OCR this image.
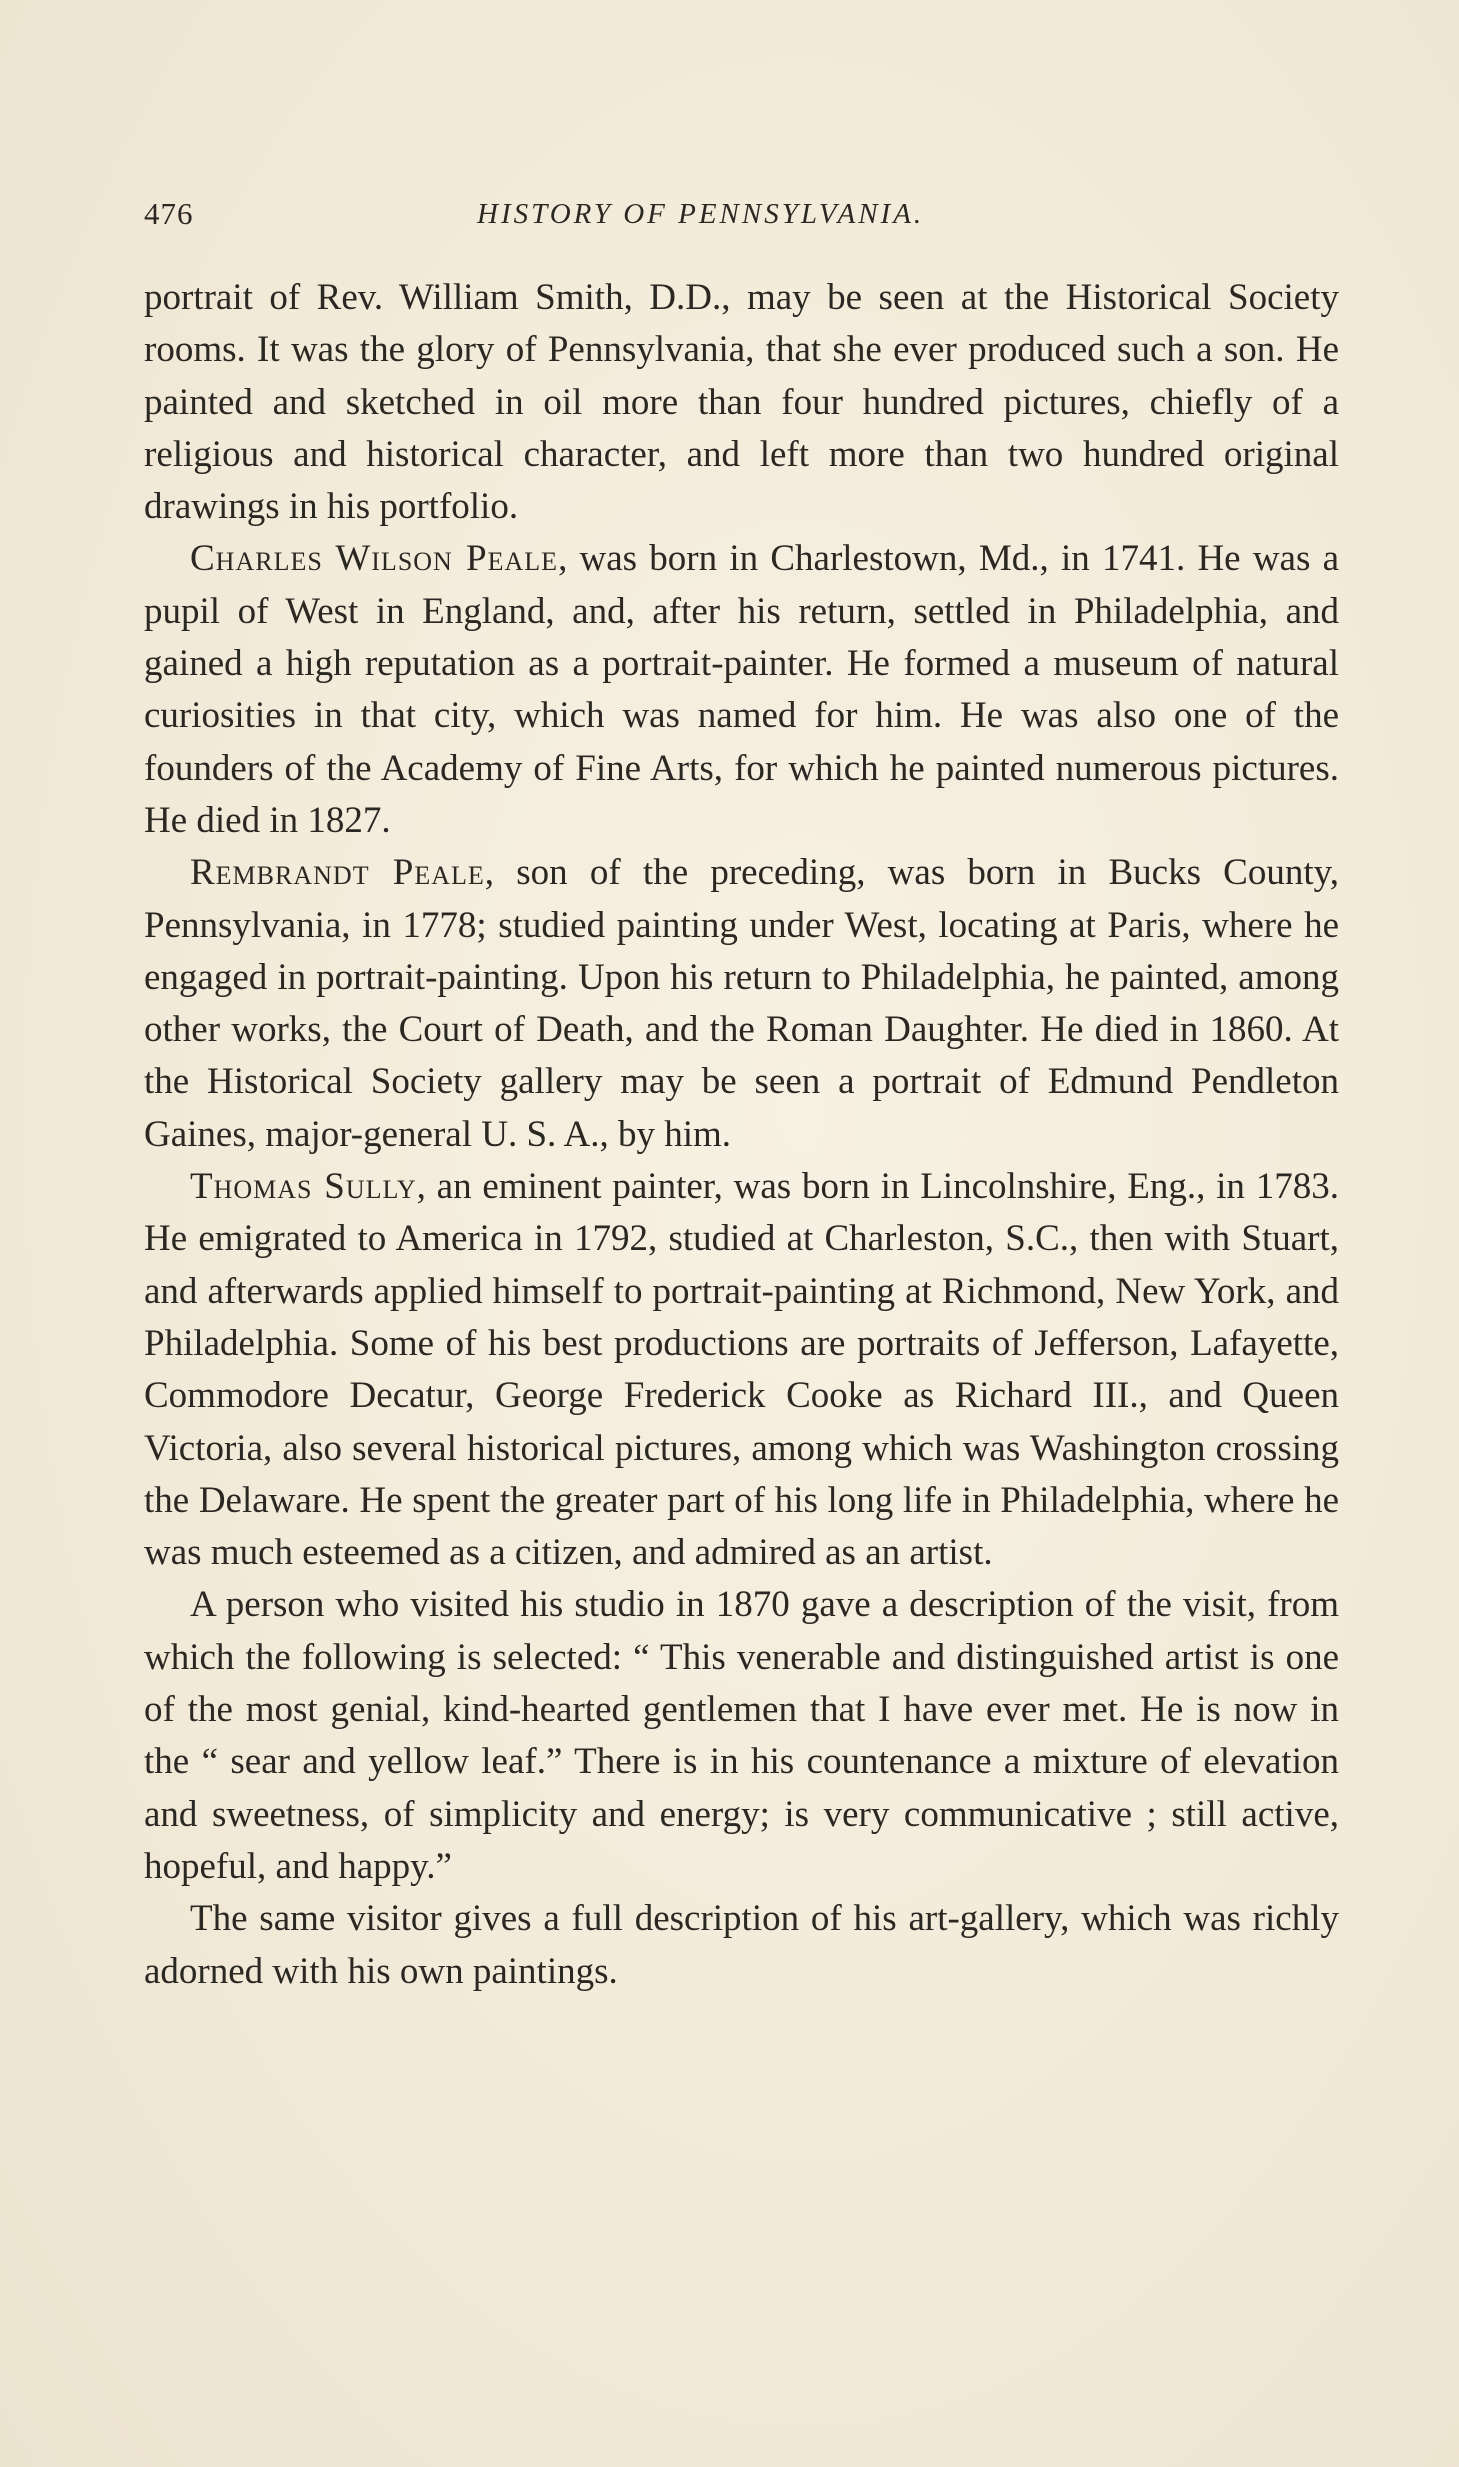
476	HISTORY OF PENNSYLVANIA.

portrait of Rev. William Smith, D.D., may be seen at the Historical Society rooms. It was the glory of Pennsylvania, that she ever produced such a son. He painted and sketched in oil more than four hundred pictures, chiefly of a religious and historical character, and left more than two hundred original drawings in his portfolio.

Charles Wilson Peale, was born in Charlestown, Md., in 1741. He was a pupil of West in England, and, after his return, settled in Philadelphia, and gained a high reputation as a portrait-painter. He formed a museum of natural curiosities in that city, which was named for him. He was also one of the founders of the Academy of Fine Arts, for which he painted numerous pictures. He died in 1827.

Rembrandt Peale, son of the preceding, was born in Bucks County, Pennsylvania, in 1778; studied painting under West, locating at Paris, where he engaged in portrait-painting. Upon his return to Philadelphia, he painted, among other works, the Court of Death, and the Roman Daughter. He died in 1860. At the Historical Society gallery may be seen a portrait of Edmund Pendleton Gaines, major-general U. S. A., by him.

Thomas Sully, an eminent painter, was born in Lincolnshire, Eng., in 1783. He emigrated to America in 1792, studied at Charleston, S.C., then with Stuart, and afterwards applied himself to portrait-painting at Richmond, New York, and Philadelphia. Some of his best productions are portraits of Jefferson, Lafayette, Commodore Decatur, George Frederick Cooke as Richard III., and Queen Victoria, also several historical pictures, among which was Washington crossing the Delaware. He spent the greater part of his long life in Philadelphia, where he was much esteemed as a citizen, and admired as an artist.

A person who visited his studio in 1870 gave a description of the visit, from which the following is selected: “ This venerable and distinguished artist is one of the most genial, kind-hearted gentlemen that I have ever met. He is now in the “ sear and yellow leaf.” There is in his countenance a mixture of elevation and sweetness, of simplicity and energy; is very communicative ; still active, hopeful, and happy.”

The same visitor gives a full description of his art-gallery, which was richly adorned with his own paintings.
